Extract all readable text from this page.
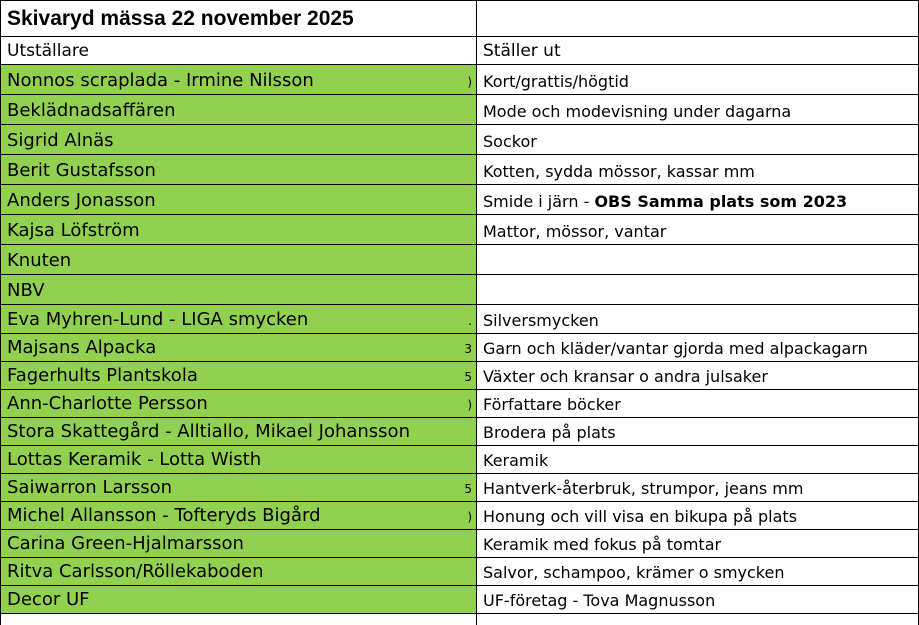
Skivaryd mässa 22 november 2025
Utställare	Ställer ut
Nonnos scraplada - Irmine Nilsson	) Kort/grattis/högtid
Beklädnadsaffären	Mode och modevisning under dagarna
Sigrid Alnäs	Sockor
Berit Gustafsson	Kotten, sydda mössor, kassar mm
Anders Jonasson	Smide i järn - OBS Samma plats som 2023
Kajsa Löfström	Mattor, mössor, vantar
Knuten
NBV
Eva Myhren-Lund - LIGA smycken	. Silversmycken
Majsans Alpacka	3 Garn och kläder/vantar gjorda med alpackagarn
Fagerhults Plantskola	5 Växter och kransar o andra julsaker
Ann-Charlotte Persson	) Författare böcker
Stora Skattegård - Alltiallo, Mikael Johansson	Brodera på plats
Lottas Keramik - Lotta Wisth	Keramik
Saiwarron Larsson	5 Hantverk-återbruk, strumpor, jeans mm
Michel Allansson - Tofteryds Bigård	) Honung och vill visa en bikupa på plats
Carina Green-Hjalmarsson	Keramik med fokus på tomtar
Ritva Carlsson/Röllekaboden	Salvor, schampoo, krämer o smycken
Decor UF	UF-företag - Tova Magnusson
